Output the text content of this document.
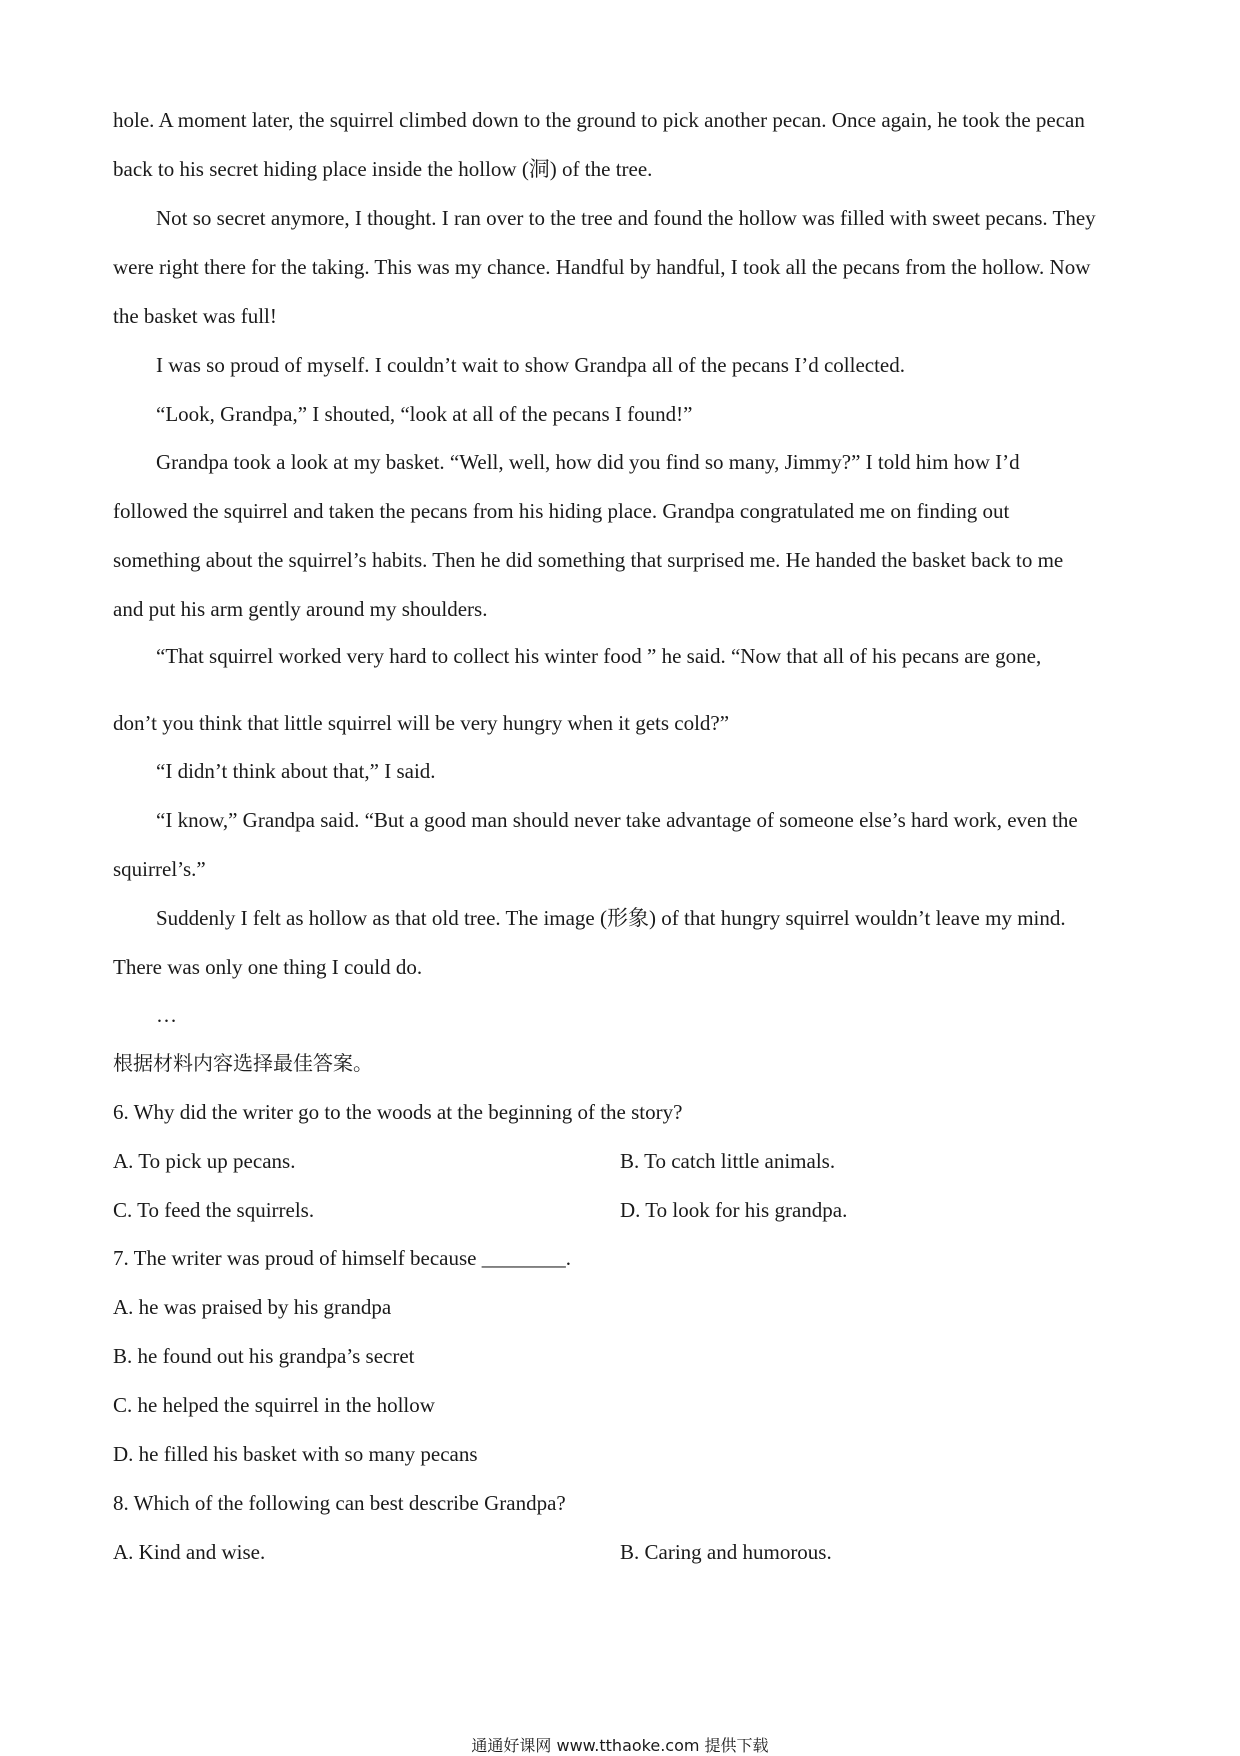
hole. A moment later, the squirrel climbed down to the ground to pick another pecan. Once again, he took the pecan
back to his secret hiding place inside the hollow (洞) of the tree.
Not so secret anymore, I thought. I ran over to the tree and found the hollow was filled with sweet pecans. They
were right there for the taking. This was my chance. Handful by handful, I took all the pecans from the hollow. Now
the basket was full!
I was so proud of myself. I couldn’t wait to show Grandpa all of the pecans I’d collected.
“Look, Grandpa,” I shouted, “look at all of the pecans I found!”
Grandpa took a look at my basket. “Well, well, how did you find so many, Jimmy?” I told him how I’d
followed the squirrel and taken the pecans from his hiding place. Grandpa congratulated me on finding out
something about the squirrel’s habits. Then he did something that surprised me. He handed the basket back to me
and put his arm gently around my shoulders.
“That squirrel worked very hard to collect his winter food ” he said. “Now that all of his pecans are gone,
don’t you think that little squirrel will be very hungry when it gets cold?”
“I didn’t think about that,” I said.
“I know,” Grandpa said. “But a good man should never take advantage of someone else’s hard work, even the
squirrel’s.”
Suddenly I felt as hollow as that old tree. The image (形象) of that hungry squirrel wouldn’t leave my mind.
There was only one thing I could do.
…
根据材料内容选择最佳答案。
6. Why did the writer go to the woods at the beginning of the story?
A. To pick up pecans.	B. To catch little animals.
C. To feed the squirrels.	D. To look for his grandpa.
7. The writer was proud of himself because ________.
A. he was praised by his grandpa
B. he found out his grandpa’s secret
C. he helped the squirrel in the hollow
D. he filled his basket with so many pecans
8. Which of the following can best describe Grandpa?
A. Kind and wise.	B. Caring and humorous.
通通好课网 www.tthaoke.com 提供下载
